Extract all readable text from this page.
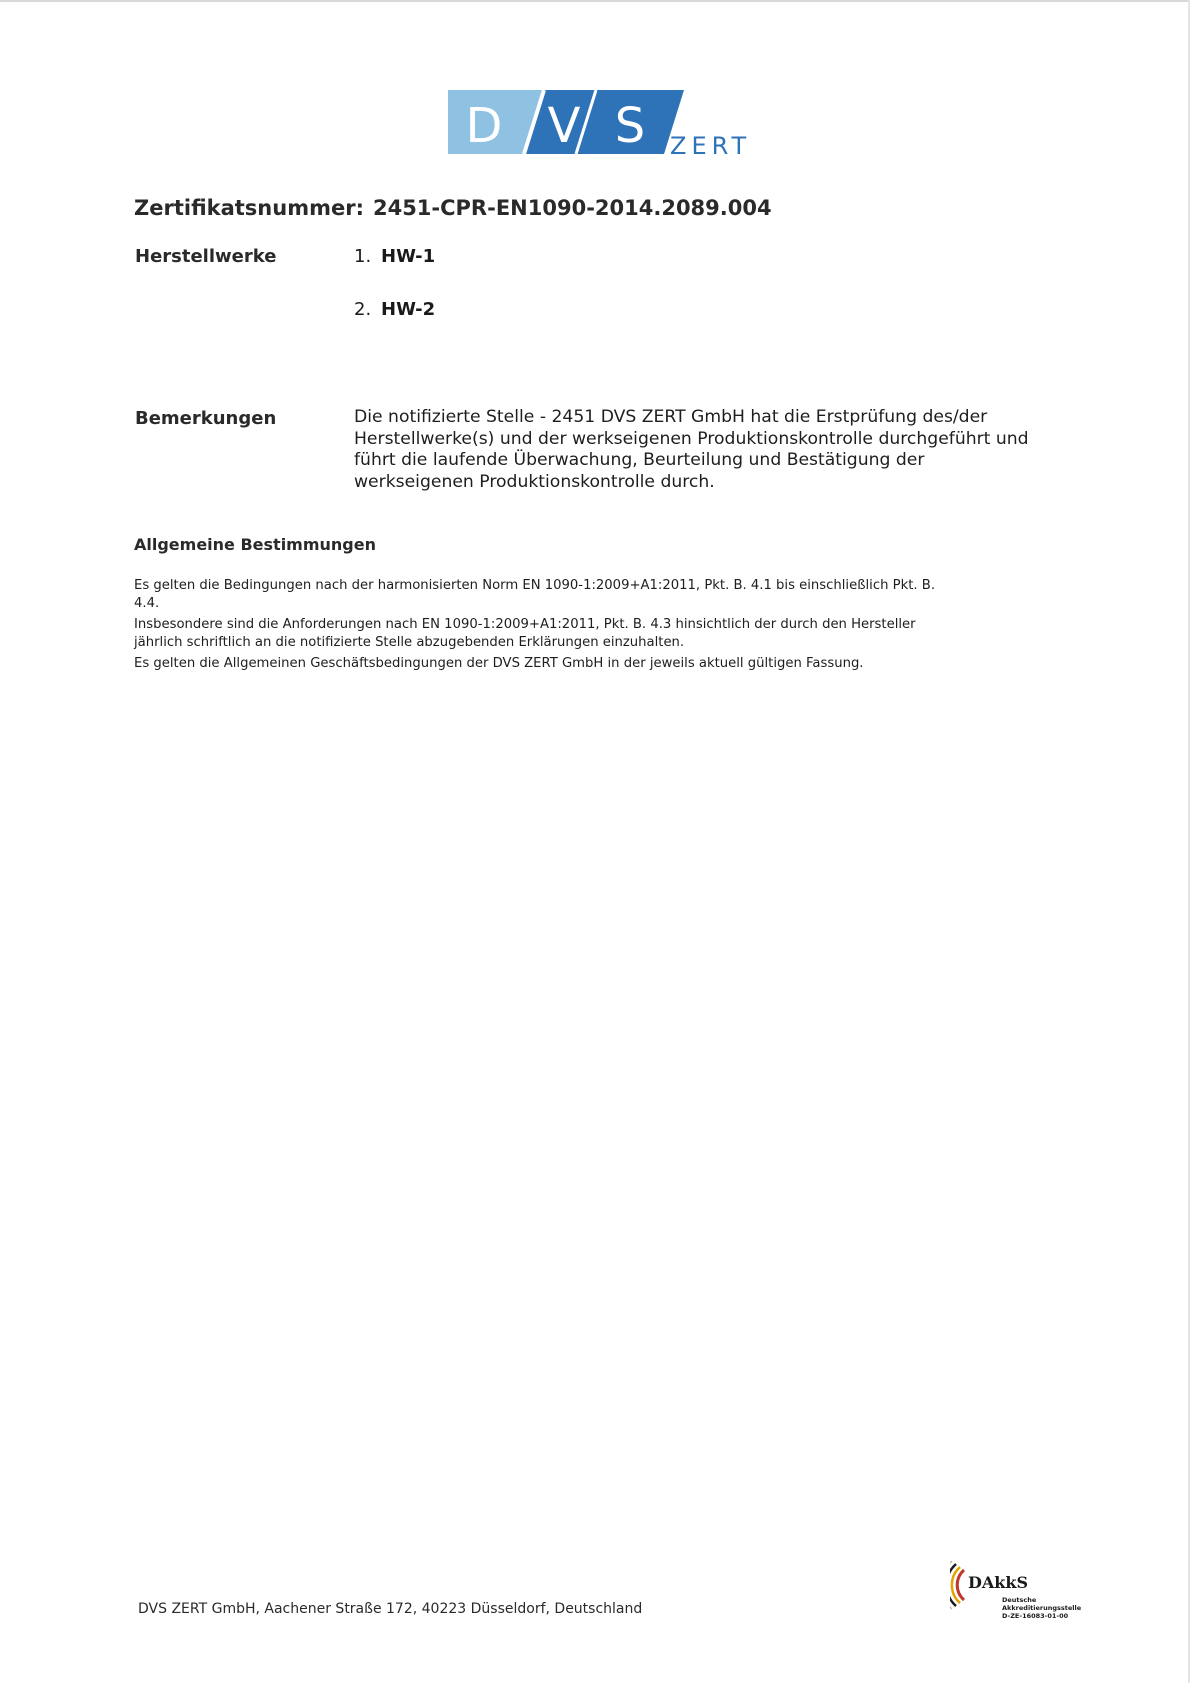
D V S ZERT
Zertifikatsnummer: 2451-CPR-EN1090-2014.2089.004
Herstellwerke	1. HW-1
2. HW-2
Bemerkungen	Die notifizierte Stelle - 2451 DVS ZERT GmbH hat die Erstprüfung des/der
Herstellwerke(s) und der werkseigenen Produktionskontrolle durchgeführt und
führt die laufende Überwachung, Beurteilung und Bestätigung der
werkseigenen Produktionskontrolle durch.
Allgemeine Bestimmungen

Es gelten die Bedingungen nach der harmonisierten Norm EN 1090-1:2009+A1:2011, Pkt. B. 4.1 bis einschließlich Pkt. B. 4.4.

Insbesondere sind die Anforderungen nach EN 1090-1:2009+A1:2011, Pkt. B. 4.3 hinsichtlich der durch den Hersteller jährlich schriftlich an die notifizierte Stelle abzugebenden Erklärungen einzuhalten.

Es gelten die Allgemeinen Geschäftsbedingungen der DVS ZERT GmbH in der jeweils aktuell gültigen Fassung.

DVS ZERT GmbH, Aachener Straße 172, 40223 Düsseldorf, Deutschland
DAkkS
Deutsche
Akkreditierungsstelle
D-ZE-16083-01-00
